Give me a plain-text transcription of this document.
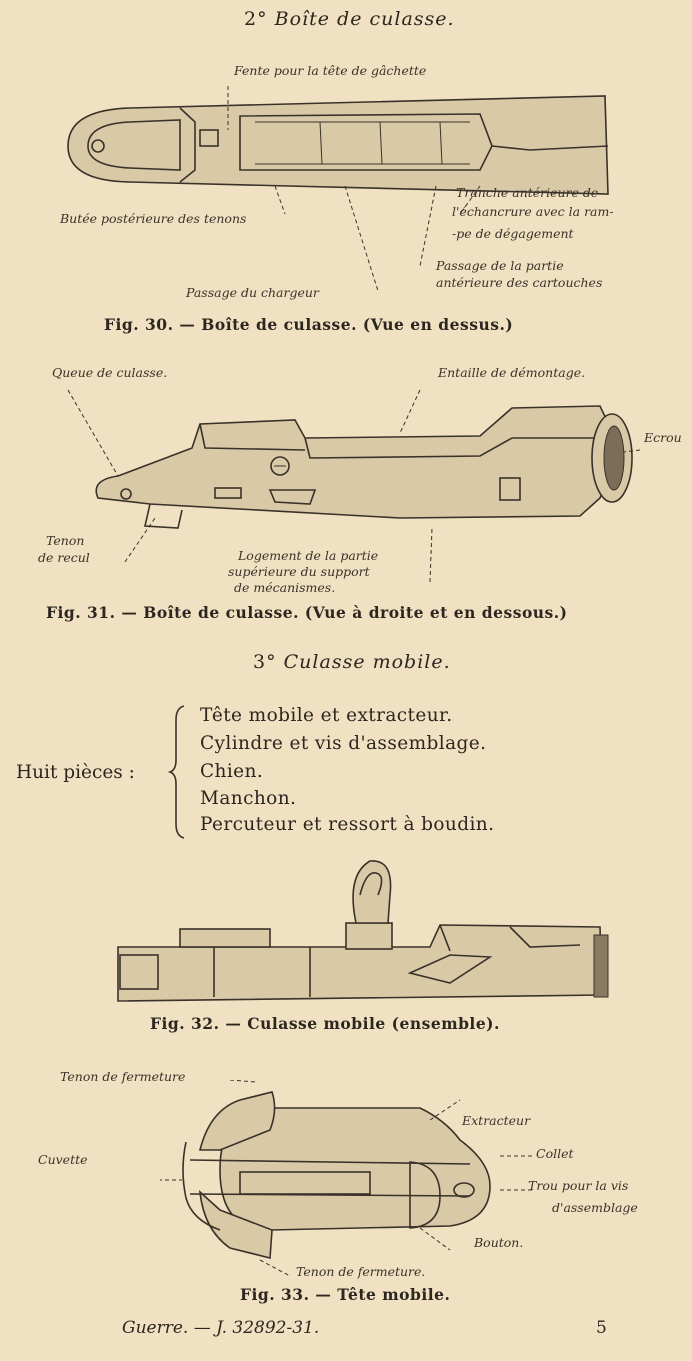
2° Boîte de culasse.
Fente pour la tête de gâchette
Butée postérieure des tenons
Passage du chargeur
Tranche antérieure de
l'échancrure avec la ram-
-pe de dégagement
Passage de la partie
antérieure des cartouches
Fig. 30. — Boîte de culasse. (Vue en dessus.)
Queue de culasse.	Entaille de démontage.
Ecrou
Tenon
de recul	Logement de la partie
supérieure du support
de mécanismes.
Fig. 31. — Boîte de culasse. (Vue à droite et en dessous.)
3° Culasse mobile.
Huit pièces :
Tête mobile et extracteur.
Cylindre et vis d'assemblage.
Chien.
Manchon.
Percuteur et ressort à boudin.
Fig. 32. — Culasse mobile (ensemble).
Tenon de fermeture
Extracteur
Collet
Cuvette
Trou pour la vis
d'assemblage
Bouton.
Tenon de fermeture.
Fig. 33. — Tête mobile.
Guerre. — J. 32892-31.	5
